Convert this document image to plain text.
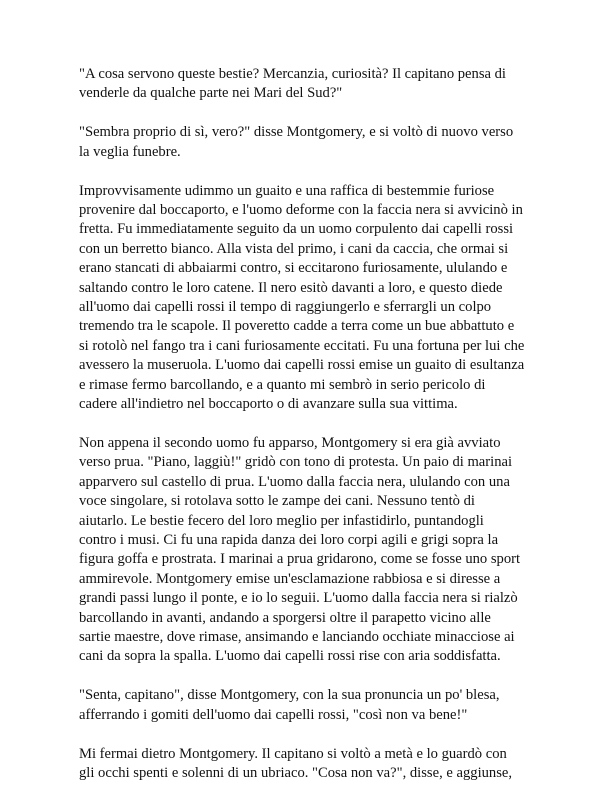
"A cosa servono queste bestie? Mercanzia, curiosità? Il capitano pensa di
venderle da qualche parte nei Mari del Sud?"

"Sembra proprio di sì, vero?" disse Montgomery, e si voltò di nuovo verso
la veglia funebre.

Improvvisamente udimmo un guaito e una raffica di bestemmie furiose
provenire dal boccaporto, e l'uomo deforme con la faccia nera si avvicinò in
fretta. Fu immediatamente seguito da un uomo corpulento dai capelli rossi
con un berretto bianco. Alla vista del primo, i cani da caccia, che ormai si
erano stancati di abbaiarmi contro, si eccitarono furiosamente, ululando e
saltando contro le loro catene. Il nero esitò davanti a loro, e questo diede
all'uomo dai capelli rossi il tempo di raggiungerlo e sferrargli un colpo
tremendo tra le scapole. Il poveretto cadde a terra come un bue abbattuto e
si rotolò nel fango tra i cani furiosamente eccitati. Fu una fortuna per lui che
avessero la museruola. L'uomo dai capelli rossi emise un guaito di esultanza
e rimase fermo barcollando, e a quanto mi sembrò in serio pericolo di
cadere all'indietro nel boccaporto o di avanzare sulla sua vittima.

Non appena il secondo uomo fu apparso, Montgomery si era già avviato
verso prua. "Piano, laggiù!" gridò con tono di protesta. Un paio di marinai
apparvero sul castello di prua. L'uomo dalla faccia nera, ululando con una
voce singolare, si rotolava sotto le zampe dei cani. Nessuno tentò di
aiutarlo. Le bestie fecero del loro meglio per infastidirlo, puntandogli
contro i musi. Ci fu una rapida danza dei loro corpi agili e grigi sopra la
figura goffa e prostrata. I marinai a prua gridarono, come se fosse uno sport
ammirevole. Montgomery emise un'esclamazione rabbiosa e si diresse a
grandi passi lungo il ponte, e io lo seguii. L'uomo dalla faccia nera si rialzò
barcollando in avanti, andando a sporgersi oltre il parapetto vicino alle
sartie maestre, dove rimase, ansimando e lanciando occhiate minacciose ai
cani da sopra la spalla. L'uomo dai capelli rossi rise con aria soddisfatta.

"Senta, capitano", disse Montgomery, con la sua pronuncia un po' blesa,
afferrando i gomiti dell'uomo dai capelli rossi, "così non va bene!"

Mi fermai dietro Montgomery. Il capitano si voltò a metà e lo guardò con
gli occhi spenti e solenni di un ubriaco. "Cosa non va?", disse, e aggiunse,
